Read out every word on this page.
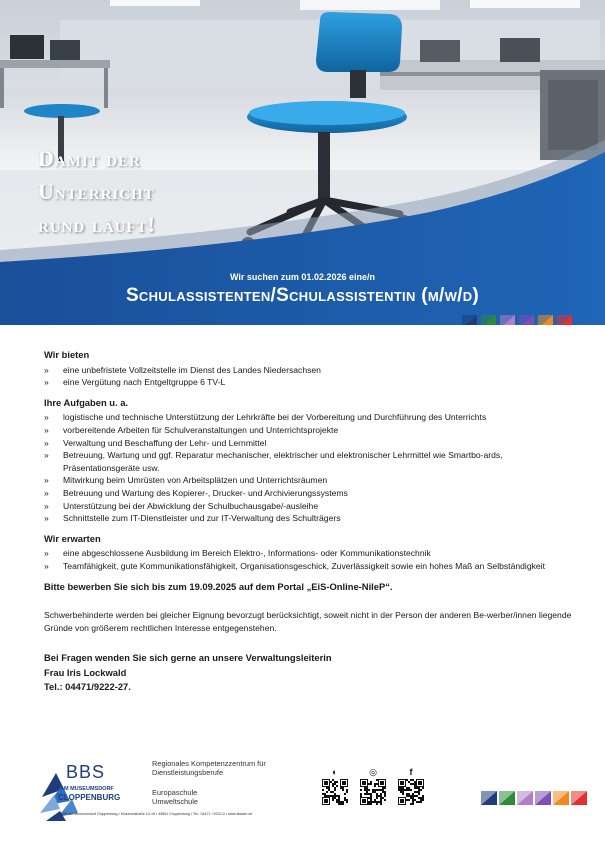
Damit der
Unterricht
rund läuft!
Wir suchen zum 01.02.2026 eine/n
Schulassistenten/Schulassistentin (m/w/d)
Wir bieten
» eine unbefristete Vollzeitstelle im Dienst des Landes Niedersachsen
» eine Vergütung nach Entgeltgruppe 6 TV-L
Ihre Aufgaben u. a.
» logistische und technische Unterstützung der Lehrkräfte bei der Vorbereitung und Durchführung des Unterrichts
» vorbereitende Arbeiten für Schulveranstaltungen und Unterrichtsprojekte
» Verwaltung und Beschaffung der Lehr- und Lernmittel
» Betreuung, Wartung und ggf. Reparatur mechanischer, elektrischer und elektronischer Lehrmittel wie Smartbo-ards, Präsentationsgeräte usw.
» Mitwirkung beim Umrüsten von Arbeitsplätzen und Unterrichtsräumen
» Betreuung und Wartung des Kopierer-, Drucker- und Archivierungssystems
» Unterstützung bei der Abwicklung der Schulbuchausgabe/-ausleihe
» Schnittstelle zum IT-Dienstleister und zur IT-Verwaltung des Schulträgers
Wir erwarten
» eine abgeschlossene Ausbildung im Bereich Elektro-, Informations- oder Kommunikationstechnik
» Teamfähigkeit, gute Kommunikationsfähigkeit, Organisationsgeschick, Zuverlässigkeit sowie ein hohes Maß an Selbständigkeit
Bitte bewerben Sie sich bis zum 19.09.2025 auf dem Portal „EiS-Online-NileP“.
Schwerbehinderte werden bei gleicher Eignung bevorzugt berücksichtigt, soweit nicht in der Person der anderen Be-werber/innen liegende Gründe von größerem rechtlichen Interesse entgegenstehen.
Bei Fragen wenden Sie sich gerne an unsere Verwaltungsleiterin
Frau Iris Lockwald
Tel.: 04471/9222-27.
BBS
AM MUSEUMSDORF
CLOPPENBURG
BBS am Museumsdorf Cloppenburg • Museumstraße 14-16 • 49661 Cloppenburg • Tel.: 04471 / 9222-0 • www.bbsam.de
Regionales Kompetenzzentrum für
Dienstleistungsberufe
Europaschule
Umweltschule
◐	◎	f
